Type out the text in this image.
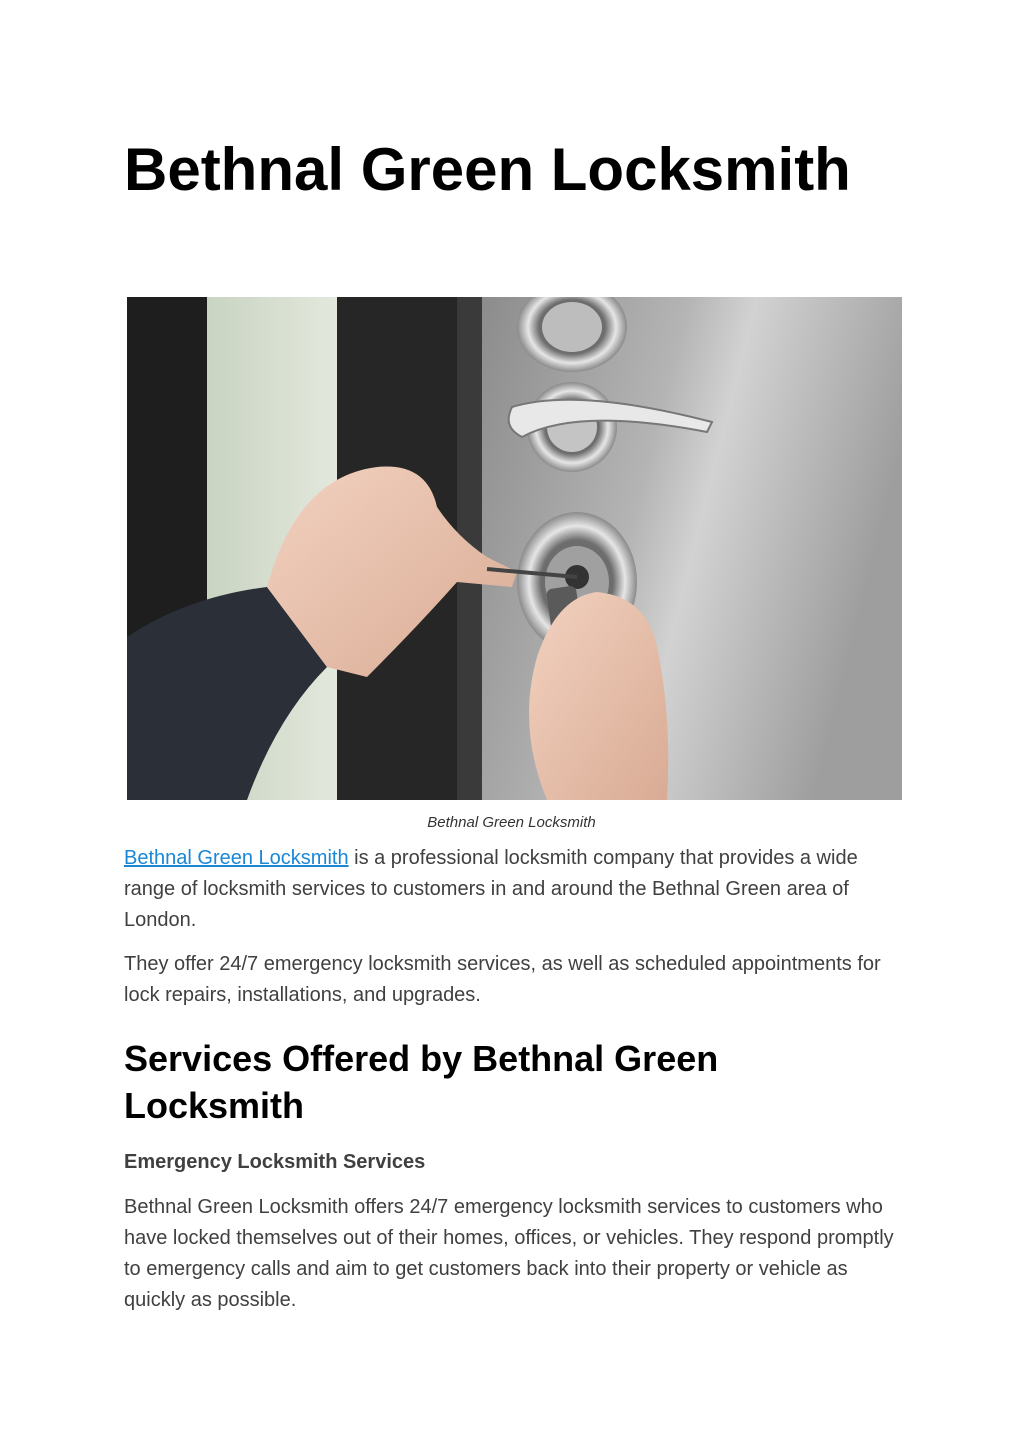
Bethnal Green Locksmith
Bethnal Green Locksmith

Bethnal Green Locksmith is a professional locksmith company that provides a wide range of locksmith services to customers in and around the Bethnal Green area of London.

They offer 24/7 emergency locksmith services, as well as scheduled appointments for lock repairs, installations, and upgrades.

Services Offered by Bethnal Green Locksmith
Emergency Locksmith Services

Bethnal Green Locksmith offers 24/7 emergency locksmith services to customers who have locked themselves out of their homes, offices, or vehicles. They respond promptly to emergency calls and aim to get customers back into their property or vehicle as quickly as possible.
